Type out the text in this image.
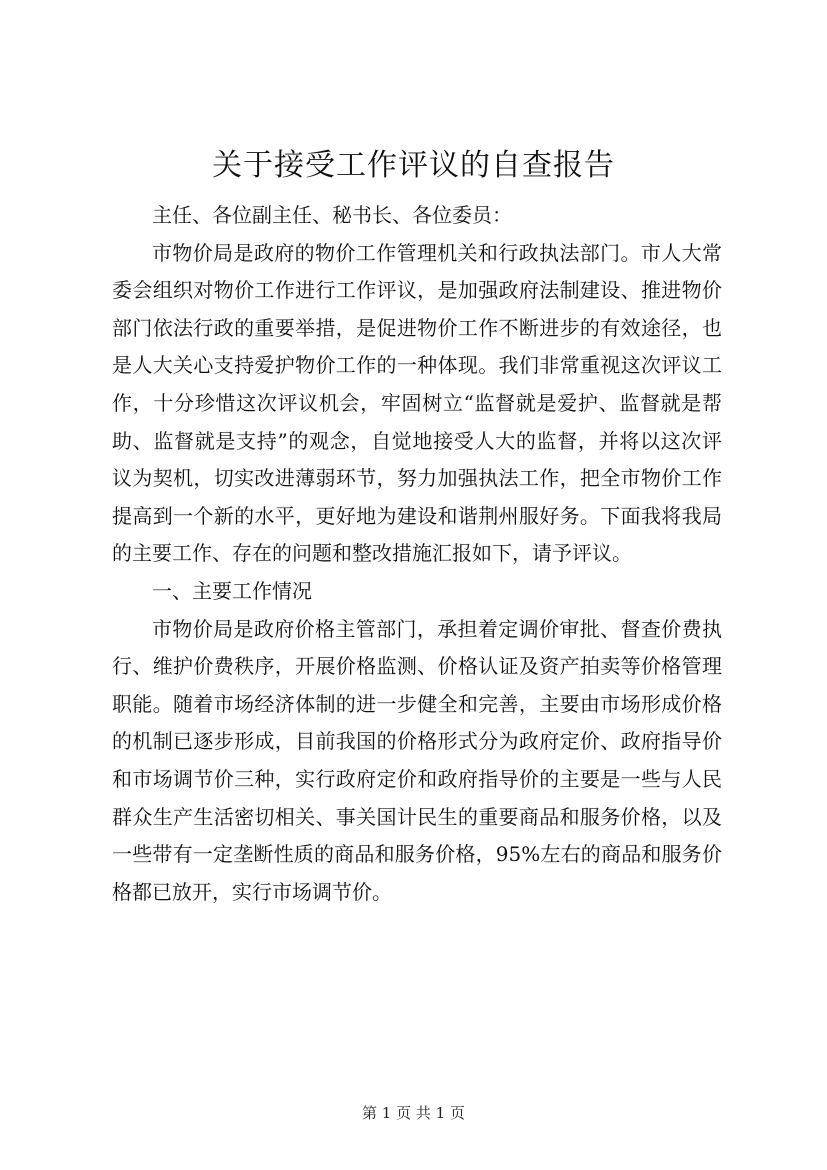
关于接受工作评议的自查报告

主任、各位副主任、秘书长、各位委员：

市物价局是政府的物价工作管理机关和行政执法部门。市人大常委会组织对物价工作进行工作评议，是加强政府法制建设、推进物价部门依法行政的重要举措，是促进物价工作不断进步的有效途径，也是人大关心支持爱护物价工作的一种体现。我们非常重视这次评议工作，十分珍惜这次评议机会，牢固树立“监督就是爱护、监督就是帮助、监督就是支持”的观念，自觉地接受人大的监督，并将以这次评议为契机，切实改进薄弱环节，努力加强执法工作，把全市物价工作提高到一个新的水平，更好地为建设和谐荆州服好务。下面我将我局的主要工作、存在的问题和整改措施汇报如下，请予评议。

一、主要工作情况

市物价局是政府价格主管部门，承担着定调价审批、督查价费执行、维护价费秩序，开展价格监测、价格认证及资产拍卖等价格管理职能。随着市场经济体制的进一步健全和完善，主要由市场形成价格的机制已逐步形成，目前我国的价格形式分为政府定价、政府指导价和市场调节价三种，实行政府定价和政府指导价的主要是一些与人民群众生产生活密切相关、事关国计民生的重要商品和服务价格，以及一些带有一定垄断性质的商品和服务价格，95%左右的商品和服务价格都已放开，实行市场调节价。

第 1 页 共 1 页
